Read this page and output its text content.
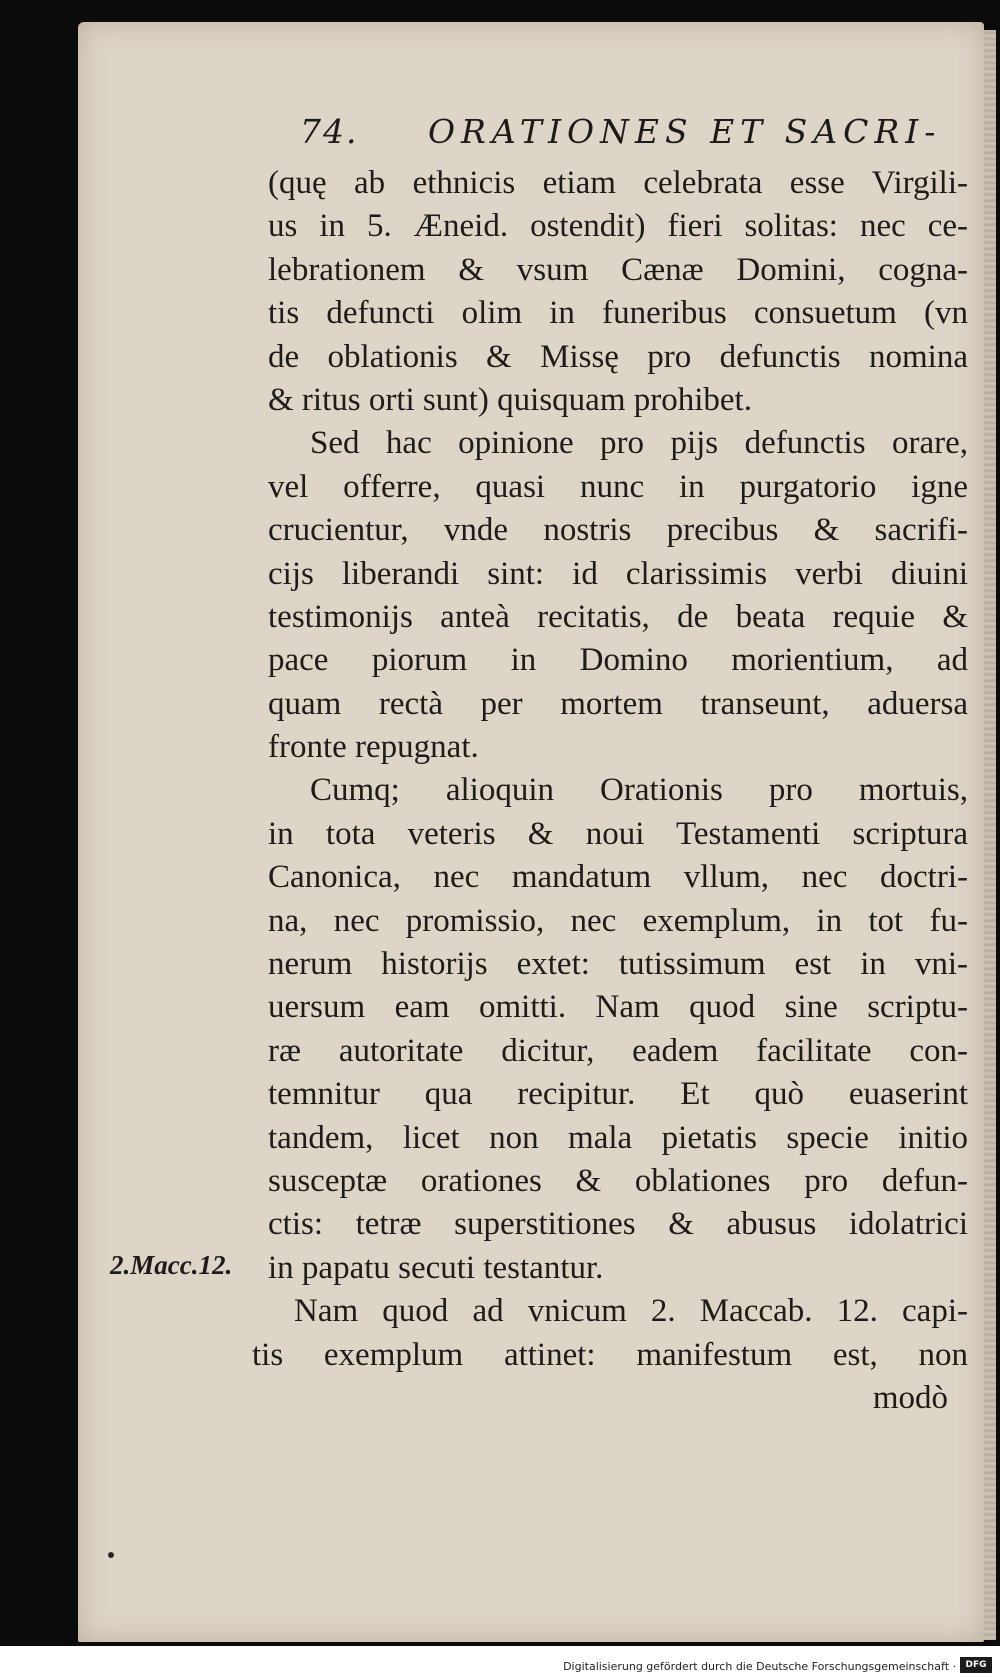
74. ORATIONES ET SACRI-
(quę ab ethnicis etiam celebrata esse Virgili-
us in 5. Æneid. ostendit) fieri solitas: nec ce-
lebrationem & vsum Cænæ Domini, cogna-
tis defuncti olim in funeribus consuetum (vn
de oblationis & Missę pro defunctis nomina
& ritus orti sunt) quisquam prohibet.
Sed hac opinione pro pijs defunctis orare,
vel offerre, quasi nunc in purgatorio igne
crucientur, vnde nostris precibus & sacrifi-
cijs liberandi sint: id clarissimis verbi diuini
testimonijs anteà recitatis, de beata requie &
pace piorum in Domino morientium, ad
quam rectà per mortem transeunt, aduersa
fronte repugnat.
Cumq; alioquin Orationis pro mortuis,
in tota veteris & noui Testamenti scriptura
Canonica, nec mandatum vllum, nec doctri-
na, nec promissio, nec exemplum, in tot fu-
nerum historijs extet: tutissimum est in vni-
uersum eam omitti. Nam quod sine scriptu-
ræ autoritate dicitur, eadem facilitate con-
temnitur qua recipitur. Et quò euaserint
tandem, licet non mala pietatis specie initio
susceptæ orationes & oblationes pro defun-
ctis: tetræ superstitiones & abusus idolatrici
in papatu secuti testantur.
Nam quod ad vnicum 2. Maccab. 12. capi-
tis exemplum attinet: manifestum est, non
modò
2.Macc.12.
Digitalisierung gefördert durch die Deutsche Forschungsgemeinschaft ·	DFG
